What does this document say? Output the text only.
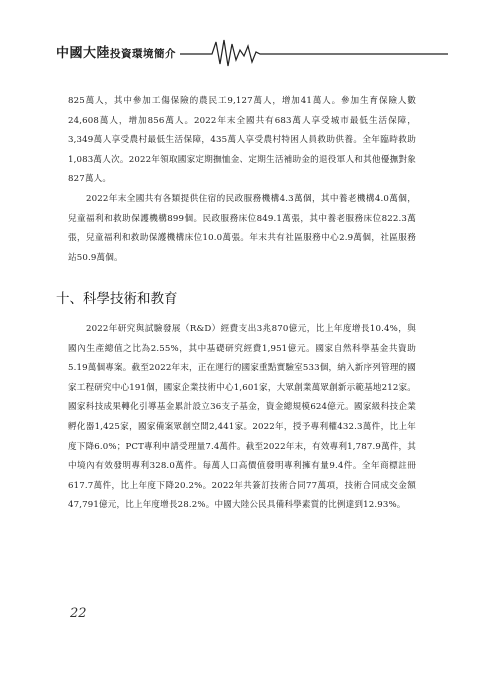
中國大陸投資環境簡介

825萬人，其中參加工傷保險的農民工9,127萬人，增加41萬人。參加生育保險人數24,608萬人，增加856萬人。2022年末全國共有683萬人享受城市最低生活保障，3,349萬人享受農村最低生活保障，435萬人享受農村特困人員救助供養。全年臨時救助1,083萬人次。2022年領取國家定期撫恤金、定期生活補助金的退役軍人和其他優撫對象827萬人。

2022年末全國共有各類提供住宿的民政服務機構4.3萬個，其中養老機構4.0萬個，兒童福利和救助保護機構899個。民政服務床位849.1萬張，其中養老服務床位822.3萬張，兒童福利和救助保護機構床位10.0萬張。年末共有社區服務中心2.9萬個，社區服務站50.9萬個。

十、科學技術和教育

2022年研究與試驗發展（R&D）經費支出3兆870億元，比上年度增長10.4%，與國內生產總值之比為2.55%，其中基礎研究經費1,951億元。國家自然科學基金共資助5.19萬個專案。截至2022年末，正在運行的國家重點實驗室533個，納入新序列管理的國家工程研究中心191個，國家企業技術中心1,601家，大眾創業萬眾創新示範基地212家。國家科技成果轉化引導基金累計設立36支子基金，資金總規模624億元。國家級科技企業孵化器1,425家，國家備案眾創空間2,441家。2022年，授予專利權432.3萬件，比上年度下降6.0%；PCT專利申請受理量7.4萬件。截至2022年末，有效專利1,787.9萬件，其中境內有效發明專利328.0萬件。每萬人口高價值發明專利擁有量9.4件。全年商標註冊617.7萬件，比上年度下降20.2%。2022年共簽訂技術合同77萬項，技術合同成交金額47,791億元，比上年度增長28.2%。中國大陸公民具備科學素質的比例達到12.93%。

22
